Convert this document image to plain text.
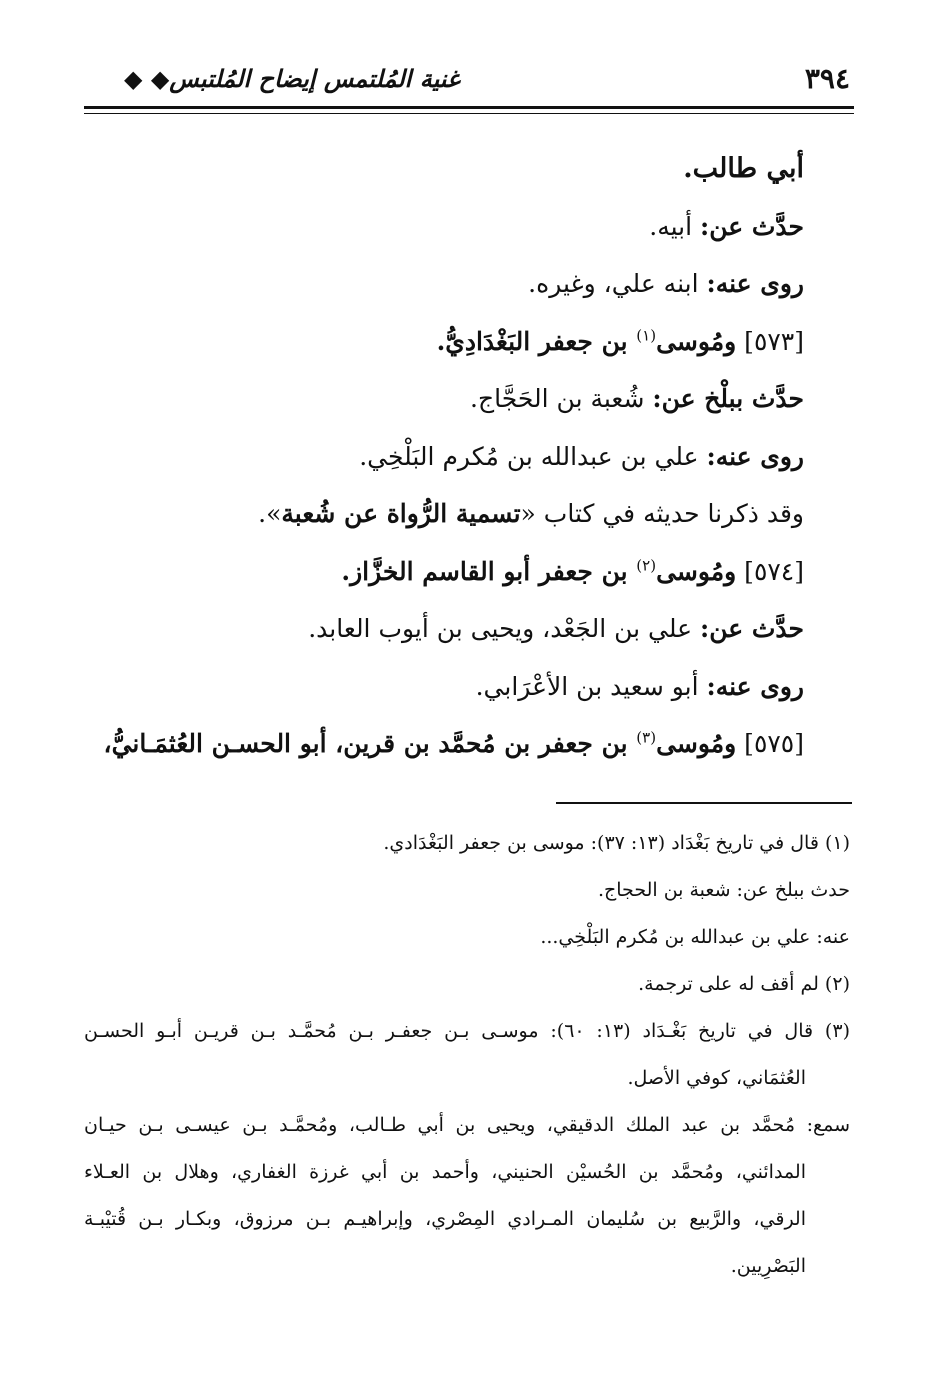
٣٩٤
غنية المُلتمس إيضاح المُلتبس◆ ◆
أبي طالب.
حدَّث عن: أبيه.
روى عنه: ابنه علي، وغيره.
[٥٧٣] ومُوسى$^{(١)}$ بن جعفر البَغْدَادِيُّ.
حدَّث ببلْخ عن: شُعبة بن الحَجَّاج.
روى عنه: علي بن عبدالله بن مُكرم البَلْخِي.
وقد ذكرنا حديثه في كتاب «تسمية الرُّواة عن شُعبة».
[٥٧٤] ومُوسى$^{(٢)}$ بن جعفر أبو القاسم الخزَّاز.
حدَّث عن: علي بن الجَعْد، ويحيى بن أيوب العابد.
روى عنه: أبو سعيد بن الأعْرَابي.
[٥٧٥] ومُوسى$^{(٣)}$ بن جعفر بن مُحمَّد بن قرين، أبو الحسـن العُثمَـانيُّ،
(١) قال في تاريخ بَغْدَاد (١٣: ٣٧): موسى بن جعفر البَغْدَادي.
حدث ببلخ عن: شعبة بن الحجاج.
عنه: علي بن عبدالله بن مُكرم البَلْخِي...
(٢) لم أقف له على ترجمة.
(٣) قال في تاريخ بَغْـدَاد (١٣: ٦٠): موسـى بـن جعفـر بـن مُحمَّـد بـن قريـن أبـو الحسـن
العُثمَاني، كوفي الأصل.
سمع: مُحمَّد بن عبد الملك الدقيقي، ويحيى بن أبي طـالب، ومُحمَّـد بـن عيسـى بـن حيـان
المدائني، ومُحمَّد بن الحُسيْن الحنيني، وأحمد بن أبي غرزة الغفاري، وهلال بن العـلاء
الرقي، والرَّبيع بن سُليمان المـرادي المِصْري، وإبراهيـم بـن مرزوق، وبكـار بـن قُتيْبـة
البَصْرِيين.
